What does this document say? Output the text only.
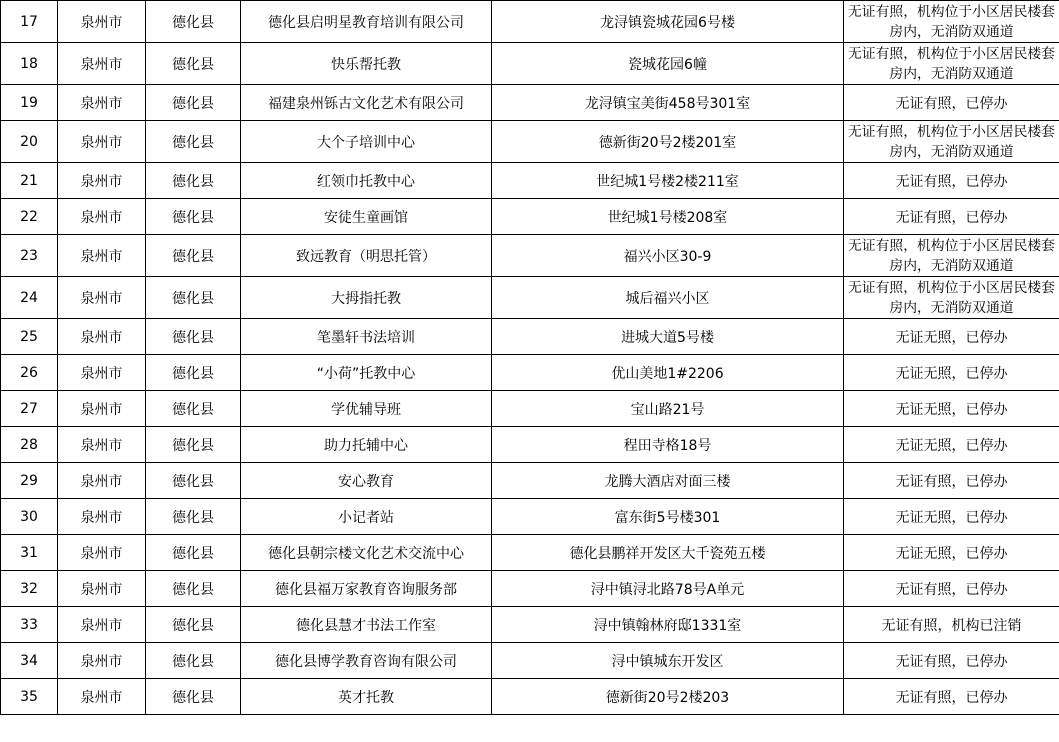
17	泉州市	德化县	德化县启明星教育培训有限公司	龙浔镇瓷城花园6号楼	无证有照，机构位于小区居民楼套房内，无消防双通道
18	泉州市	德化县	快乐帮托教	瓷城花园6幢	无证有照，机构位于小区居民楼套房内，无消防双通道
19	泉州市	德化县	福建泉州铄古文化艺术有限公司	龙浔镇宝美街458号301室	无证有照，已停办
20	泉州市	德化县	大个子培训中心	德新街20号2楼201室	无证有照，机构位于小区居民楼套房内，无消防双通道
21	泉州市	德化县	红领巾托教中心	世纪城1号楼2楼211室	无证有照，已停办
22	泉州市	德化县	安徒生童画馆	世纪城1号楼208室	无证有照，已停办
23	泉州市	德化县	致远教育（明思托管）	福兴小区30-9	无证有照，机构位于小区居民楼套房内，无消防双通道
24	泉州市	德化县	大拇指托教	城后福兴小区	无证有照，机构位于小区居民楼套房内，无消防双通道
25	泉州市	德化县	笔墨轩书法培训	进城大道5号楼	无证无照，已停办
26	泉州市	德化县	“小荷”托教中心	优山美地1#2206	无证无照，已停办
27	泉州市	德化县	学优辅导班	宝山路21号	无证无照，已停办
28	泉州市	德化县	助力托辅中心	程田寺格18号	无证无照，已停办
29	泉州市	德化县	安心教育	龙腾大酒店对面三楼	无证有照，已停办
30	泉州市	德化县	小记者站	富东街5号楼301	无证无照，已停办
31	泉州市	德化县	德化县朝宗楼文化艺术交流中心	德化县鹏祥开发区大千瓷苑五楼	无证无照，已停办
32	泉州市	德化县	德化县福万家教育咨询服务部	浔中镇浔北路78号A单元	无证有照，已停办
33	泉州市	德化县	德化县慧才书法工作室	浔中镇翰林府邸1331室	无证有照，机构已注销
34	泉州市	德化县	德化县博学教育咨询有限公司	浔中镇城东开发区	无证有照，已停办
35	泉州市	德化县	英才托教	德新街20号2楼203	无证有照，已停办
